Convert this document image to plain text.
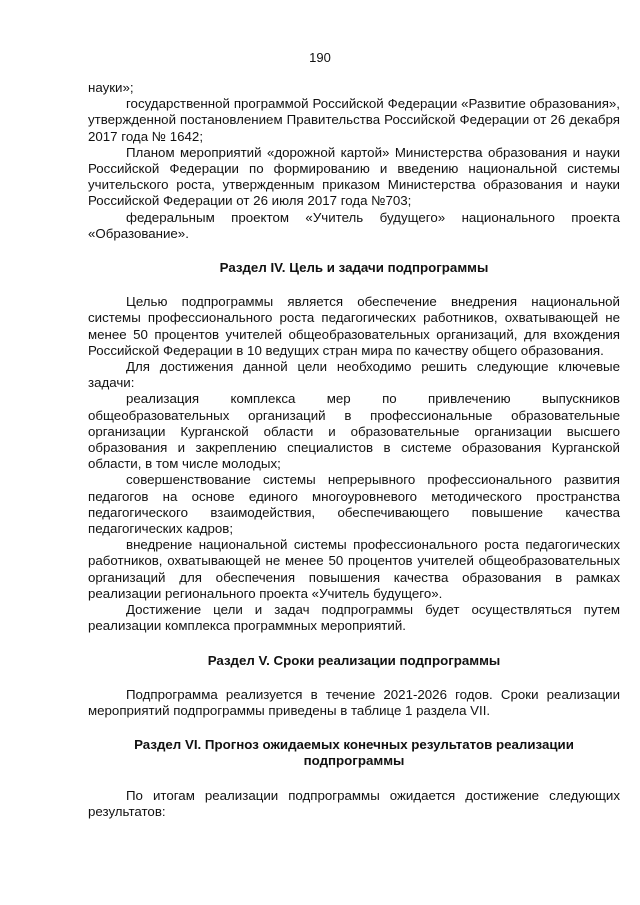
190

науки»;

государственной программой Российской Федерации «Развитие образования», утвержденной постановлением Правительства Российской Федерации от 26 декабря 2017 года № 1642;

Планом мероприятий «дорожной картой» Министерства образования и науки Российской Федерации по формированию и введению национальной системы учительского роста, утвержденным приказом Министерства образования и науки Российской Федерации от 26 июля 2017 года №703;

федеральным проектом «Учитель будущего» национального проекта «Образование».

Раздел IV. Цель и задачи подпрограммы

Целью подпрограммы является обеспечение внедрения национальной системы профессионального роста педагогических работников, охватывающей не менее 50 процентов учителей общеобразовательных организаций, для вхождения Российской Федерации в 10 ведущих стран мира по качеству общего образования.

Для достижения данной цели необходимо решить следующие ключевые задачи:

реализация комплекса мер по привлечению выпускников общеобразовательных организаций в профессиональные образовательные организации Курганской области и образовательные организации высшего образования и закреплению специалистов в системе образования Курганской области, в том числе молодых;

совершенствование системы непрерывного профессионального развития педагогов на основе единого многоуровневого методического пространства педагогического взаимодействия, обеспечивающего повышение качества педагогических кадров;

внедрение национальной системы профессионального роста педагогических работников, охватывающей не менее 50 процентов учителей общеобразовательных организаций для обеспечения повышения качества образования в рамках реализации регионального проекта «Учитель будущего».

Достижение цели и задач подпрограммы будет осуществляться путем реализации комплекса программных мероприятий.

Раздел V. Сроки реализации подпрограммы

Подпрограмма реализуется в течение 2021-2026 годов. Сроки реализации мероприятий подпрограммы приведены в таблице 1 раздела VII.

Раздел VI. Прогноз ожидаемых конечных результатов реализации
подпрограммы

По итогам реализации подпрограммы ожидается достижение следующих результатов:
